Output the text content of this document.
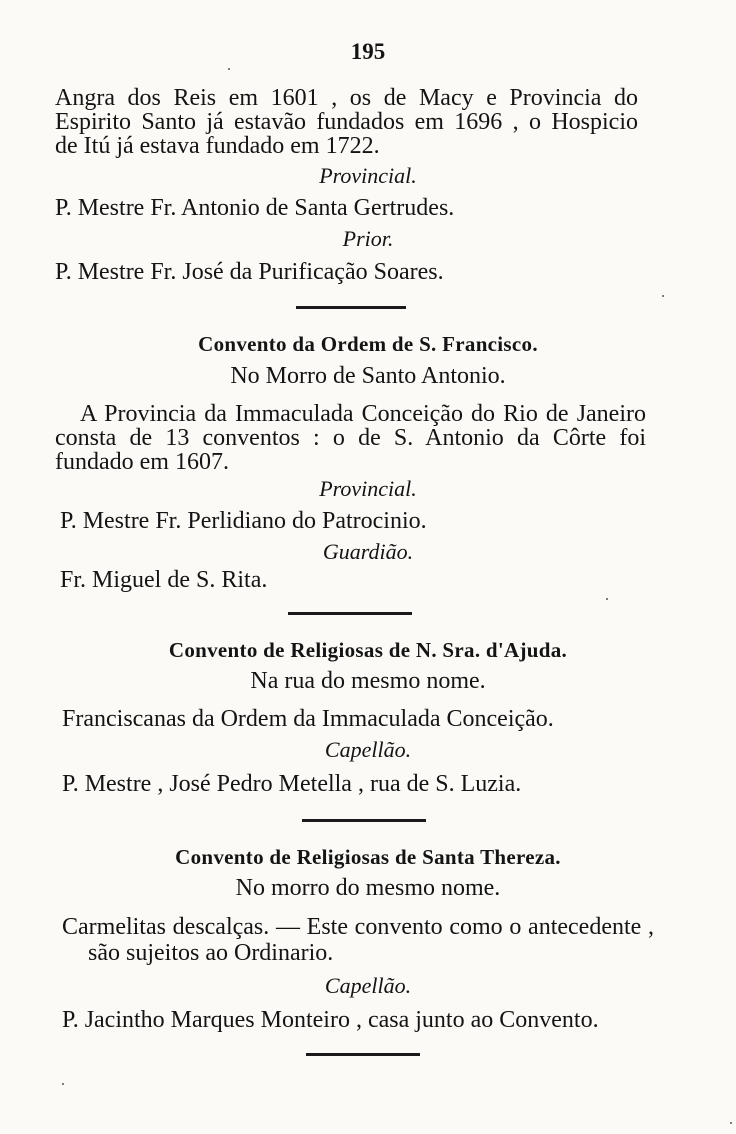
195
Angra dos Reis em 1601 , os de Macy e Provincia do
Espirito Santo já estavão fundados em 1696 , o Hospicio
de Itú já estava fundado em 1722.
Provincial.
P. Mestre Fr. Antonio de Santa Gertrudes.
Prior.
P. Mestre Fr. José da Purificação Soares.
Convento da Ordem de S. Francisco.
No Morro de Santo Antonio.
A Provincia da Immaculada Conceição do Rio de Janeiro
consta de 13 conventos : o de S. Antonio da Côrte foi
fundado em 1607.
Provincial.
P. Mestre Fr. Perlidiano do Patrocinio.
Guardião.
Fr. Miguel de S. Rita.
Convento de Religiosas de N. Sra. d'Ajuda.
Na rua do mesmo nome.
Franciscanas da Ordem da Immaculada Conceição.
Capellão.
P. Mestre , José Pedro Metella , rua de S. Luzia.
Convento de Religiosas de Santa Thereza.
No morro do mesmo nome.
Carmelitas descalças. — Este convento como o antecedente ,
são sujeitos ao Ordinario.
Capellão.
P. Jacintho Marques Monteiro , casa junto ao Convento.
